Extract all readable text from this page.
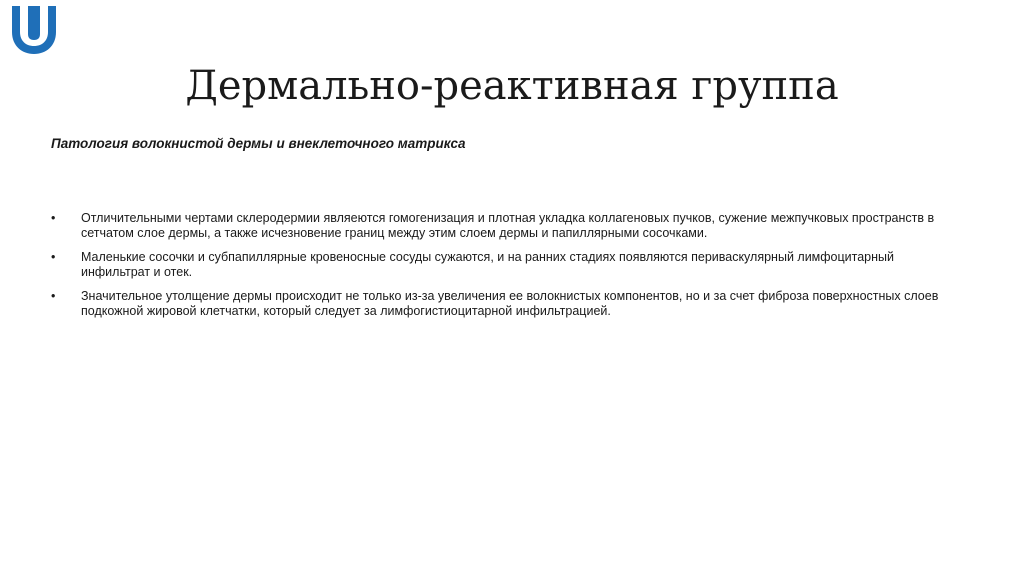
Дермально-реактивная группа
Патология волокнистой дермы и внеклеточного матрикса
• Отличительными чертами склеродермии являеются гомогенизация и плотная укладка коллагеновых пучков, сужение межпучковых пространств в сетчатом слое дермы, а также исчезновение границ между этим слоем дермы и папиллярными сосочками.
• Маленькие сосочки и субпапиллярные кровеносные сосуды сужаются, и на ранних стадиях появляются периваскулярный лимфоцитарный инфильтрат и отек.
• Значительное утолщение дермы происходит не только из-за увеличения ее волокнистых компонентов, но и за счет фиброза поверхностных слоев подкожной жировой клетчатки, который следует за лимфогистиоцитарной инфильтрацией.
